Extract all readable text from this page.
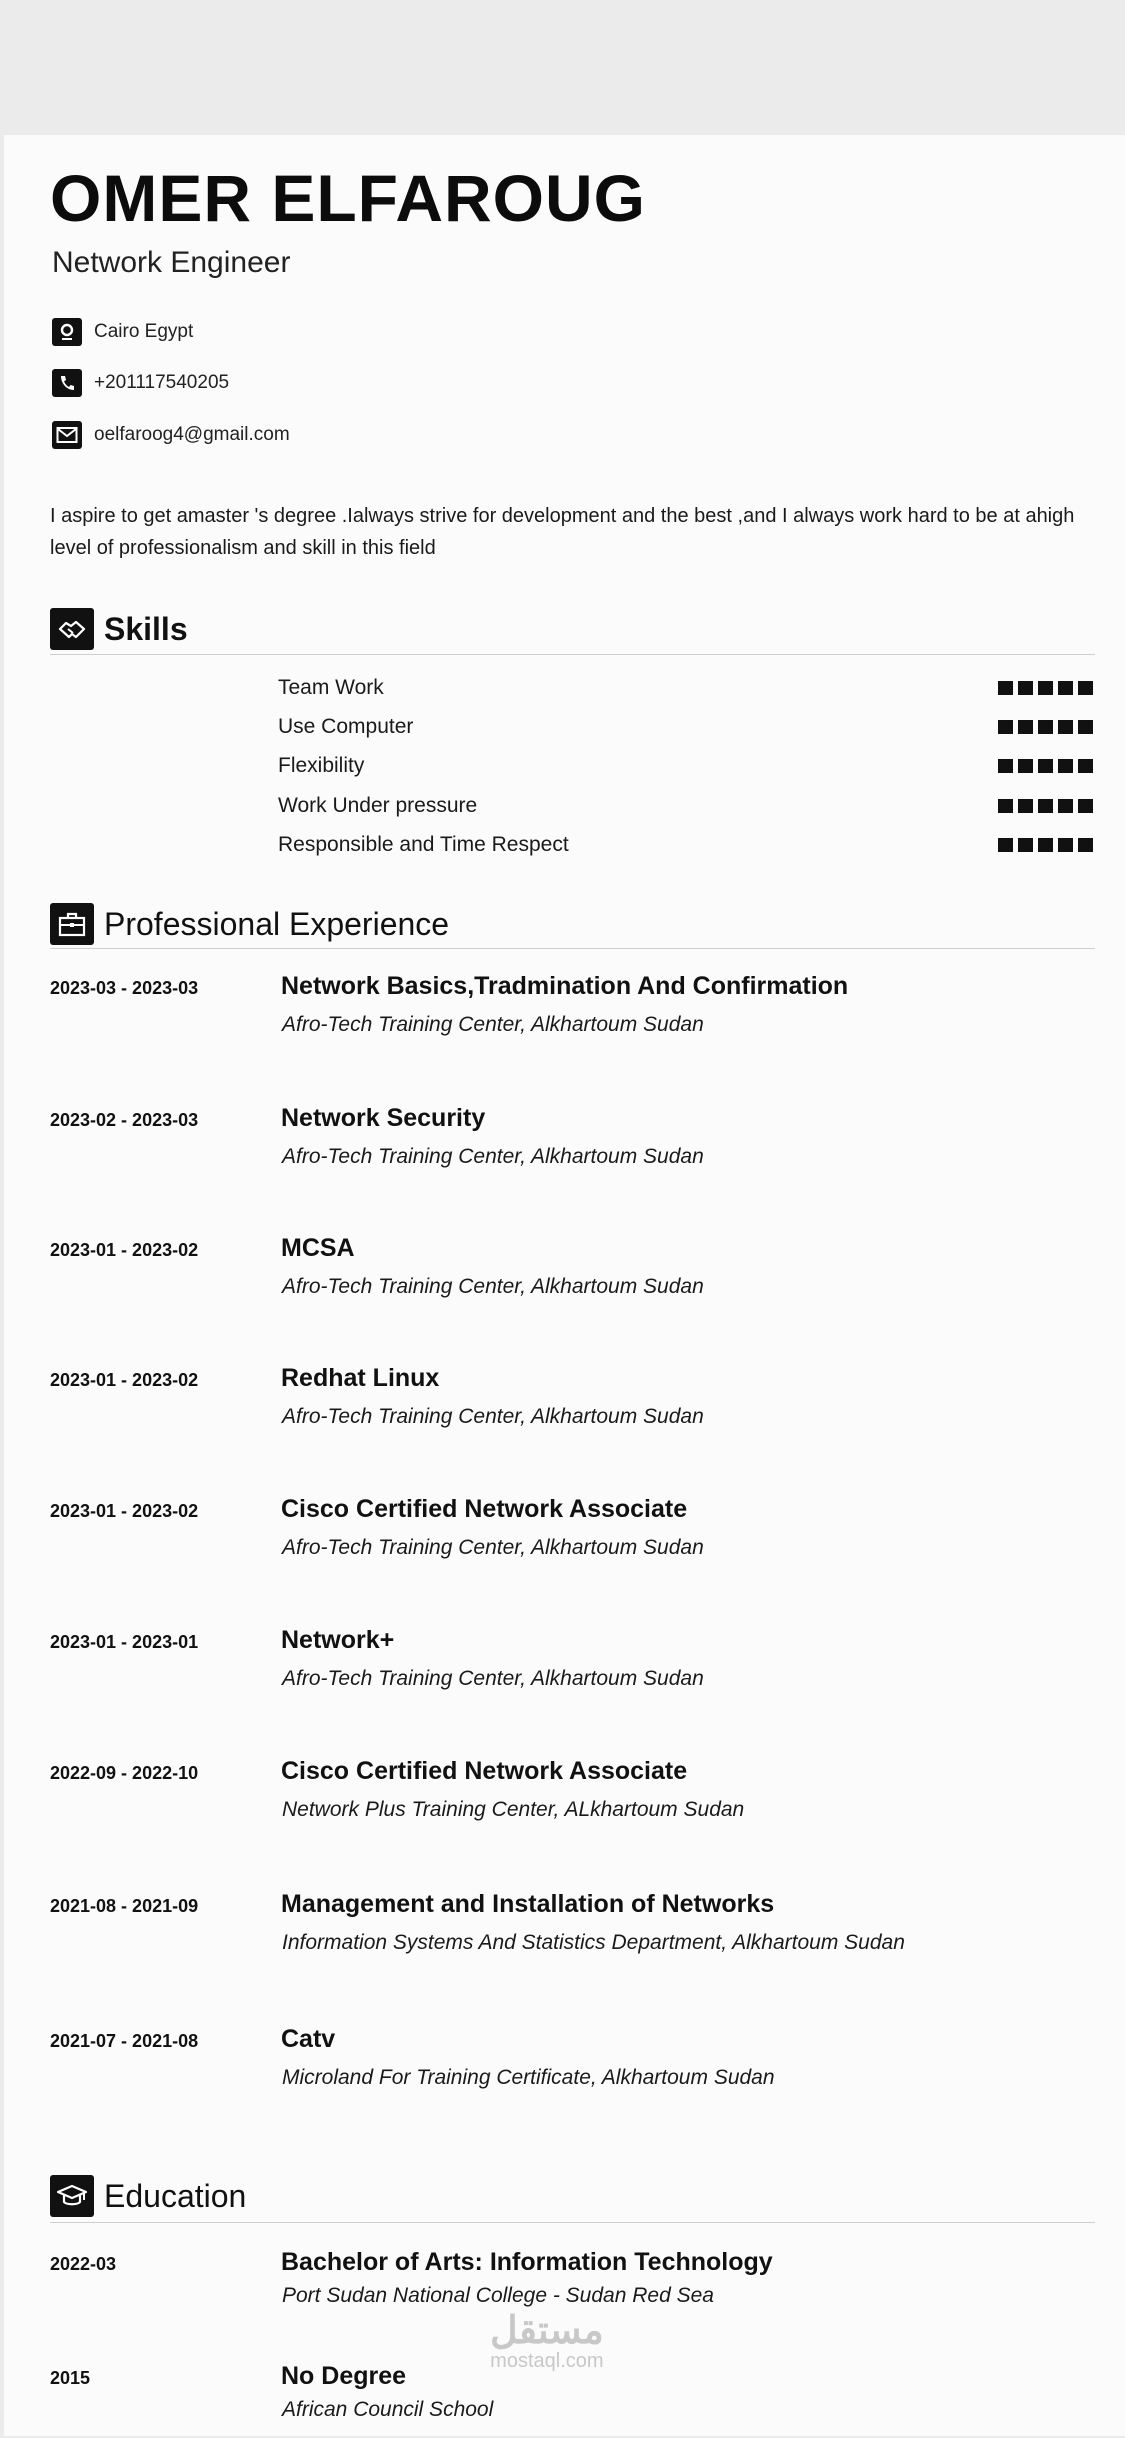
OMER ELFAROUG
Network Engineer
Cairo Egypt
+201117540205
oelfaroog4@gmail.com
I aspire to get amaster 's degree .Ialways strive for development and the best ,and I always work hard to be at ahigh level of professionalism and skill in this field
Skills
Team Work
Use Computer
Flexibility
Work Under pressure
Responsible and Time Respect
Professional Experience
2023-03 - 2023-03	Network Basics,Tradmination And Confirmation
Afro-Tech Training Center, Alkhartoum Sudan
2023-02 - 2023-03	Network Security
Afro-Tech Training Center, Alkhartoum Sudan
2023-01 - 2023-02	MCSA
Afro-Tech Training Center, Alkhartoum Sudan
2023-01 - 2023-02	Redhat Linux
Afro-Tech Training Center, Alkhartoum Sudan
2023-01 - 2023-02	Cisco Certified Network Associate
Afro-Tech Training Center, Alkhartoum Sudan
2023-01 - 2023-01	Network+
Afro-Tech Training Center, Alkhartoum Sudan
2022-09 - 2022-10	Cisco Certified Network Associate
Network Plus Training Center, ALkhartoum Sudan
2021-08 - 2021-09	Management and Installation of Networks
Information Systems And Statistics Department, Alkhartoum Sudan
2021-07 - 2021-08	Catv
Microland For Training Certificate, Alkhartoum Sudan
Education
2022-03	Bachelor of Arts: Information Technology
Port Sudan National College - Sudan Red Sea
2015	No Degree
African Council School
مستقل
mostaql.com
